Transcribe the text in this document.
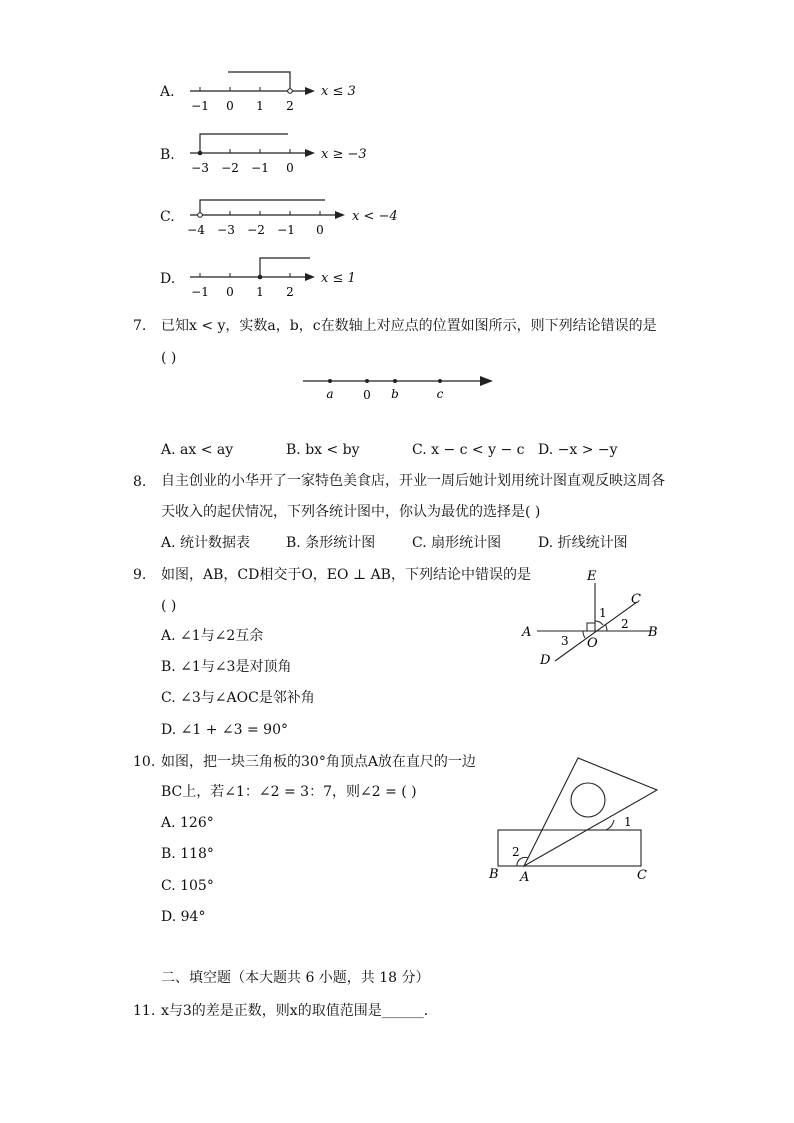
A.
−1 0 1 2
x ≤ 3
B.
−3 −2 −1 0
x ≥ −3
C.
−4 −3 −2 −1 0
x < −4
D.
−1 0 1 2
x ≤ 1
7. 已知x < y，实数a，b，c在数轴上对应点的位置如图所示，则下列结论错误的是
( )
a 0 b	c
A. ax < ay	B. bx < by	C. x − c < y − c D. −x > −y
8. 自主创业的小华开了一家特色美食店，开业一周后她计划用统计图直观反映这周各
天收入的起伏情况，下列各统计图中，你认为最优的选择是( )
A. 统计数据表	B. 条形统计图	C. 扇形统计图	D. 折线统计图
9. 如图，AB，CD相交于O，EO ⊥ AB，下列结论中错误的是
( )
A. ∠1与∠2互余
B. ∠1与∠3是对顶角
C. ∠3与∠AOC是邻补角
D. ∠1 + ∠3 = 90°
E
C
A	B
D
O
1
2
3
10. 如图，把一块三角板的30°角顶点A放在直尺的一边
BC上，若∠1：∠2 = 3：7，则∠2 = ( )
A. 126°
B. 118°
C. 105°
D. 94°
1
2
B A	C
二、填空题（本大题共 6 小题，共 18 分）
11. x与3的差是正数，则x的取值范围是______．
